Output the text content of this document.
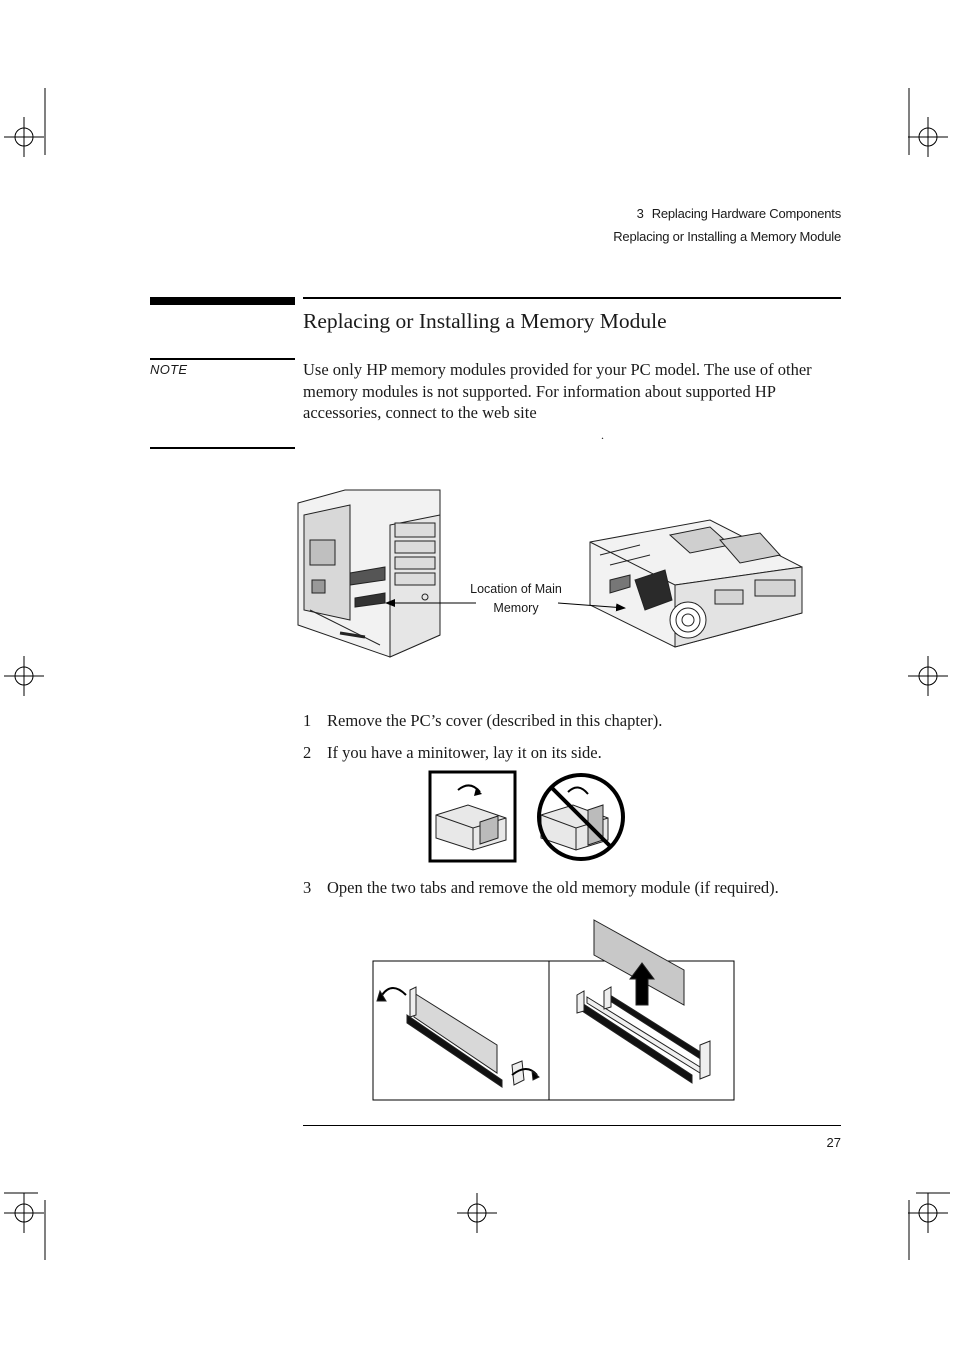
3 Replacing Hardware Components
Replacing or Installing a Memory Module
Replacing or Installing a Memory Module
NOTE	Use only HP memory modules provided for your PC model. The use of other memory modules is not supported. For information about supported HP accessories, connect to the web site
.
Location of Main Memory
1 Remove the PC’s cover (described in this chapter).
2 If you have a minitower, lay it on its side.
3 Open the two tabs and remove the old memory module (if required).
27
